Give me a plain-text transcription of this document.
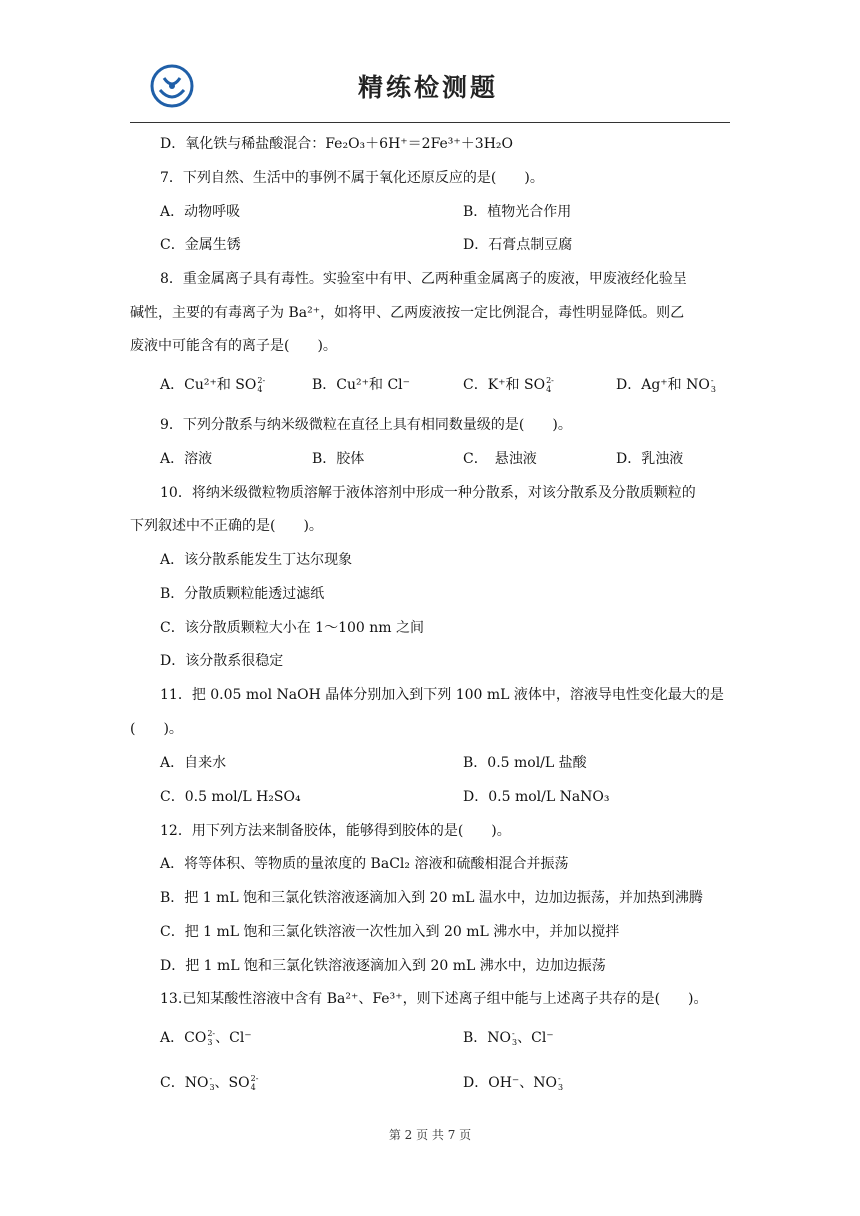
精练检测题
D．氧化铁与稀盐酸混合：Fe₂O₃＋6H⁺＝2Fe³⁺＋3H₂O
7．下列自然、生活中的事例不属于氧化还原反应的是(　　)。
A．动物呼吸	B．植物光合作用
C．金属生锈	D．石膏点制豆腐
8．重金属离子具有毒性。实验室中有甲、乙两种重金属离子的废液，甲废液经化验呈
碱性，主要的有毒离子为 Ba²⁺，如将甲、乙两废液按一定比例混合，毒性明显降低。则乙
废液中可能含有的离子是(　　)。
A．Cu²⁺和 SO 2-
4	B．Cu²⁺和 Cl⁻	C．K⁺和 SO 2-
4	D．Ag⁺和 NO -
3
9．下列分散系与纳米级微粒在直径上具有相同数量级的是(　　)。
A．溶液	B．胶体	C．　悬浊液	D．乳浊液
10．将纳米级微粒物质溶解于液体溶剂中形成一种分散系，对该分散系及分散质颗粒的
下列叙述中不正确的是(　　)。
A．该分散系能发生丁达尔现象
B．分散质颗粒能透过滤纸
C．该分散质颗粒大小在 1～100 nm 之间
D．该分散系很稳定
11．把 0.05 mol NaOH 晶体分别加入到下列 100 mL 液体中，溶液导电性变化最大的是
(　　)。
A．自来水	B．0.5 mol/L 盐酸
C．0.5 mol/L H₂SO₄	D．0.5 mol/L NaNO₃
12．用下列方法来制备胶体，能够得到胶体的是(　　)。
A．将等体积、等物质的量浓度的 BaCl₂ 溶液和硫酸相混合并振荡
B．把 1 mL 饱和三氯化铁溶液逐滴加入到 20 mL 温水中，边加边振荡，并加热到沸腾
C．把 1 mL 饱和三氯化铁溶液一次性加入到 20 mL 沸水中，并加以搅拌
D．把 1 mL 饱和三氯化铁溶液逐滴加入到 20 mL 沸水中，边加边振荡
13.已知某酸性溶液中含有 Ba²⁺、Fe³⁺，则下述离子组中能与上述离子共存的是(　　)。
A．CO 2-
3 、Cl⁻	B．NO -
3 、Cl⁻
C．NO -
3 、SO 2-
4	D．OH⁻、NO -
3
第 2 页 共 7 页
